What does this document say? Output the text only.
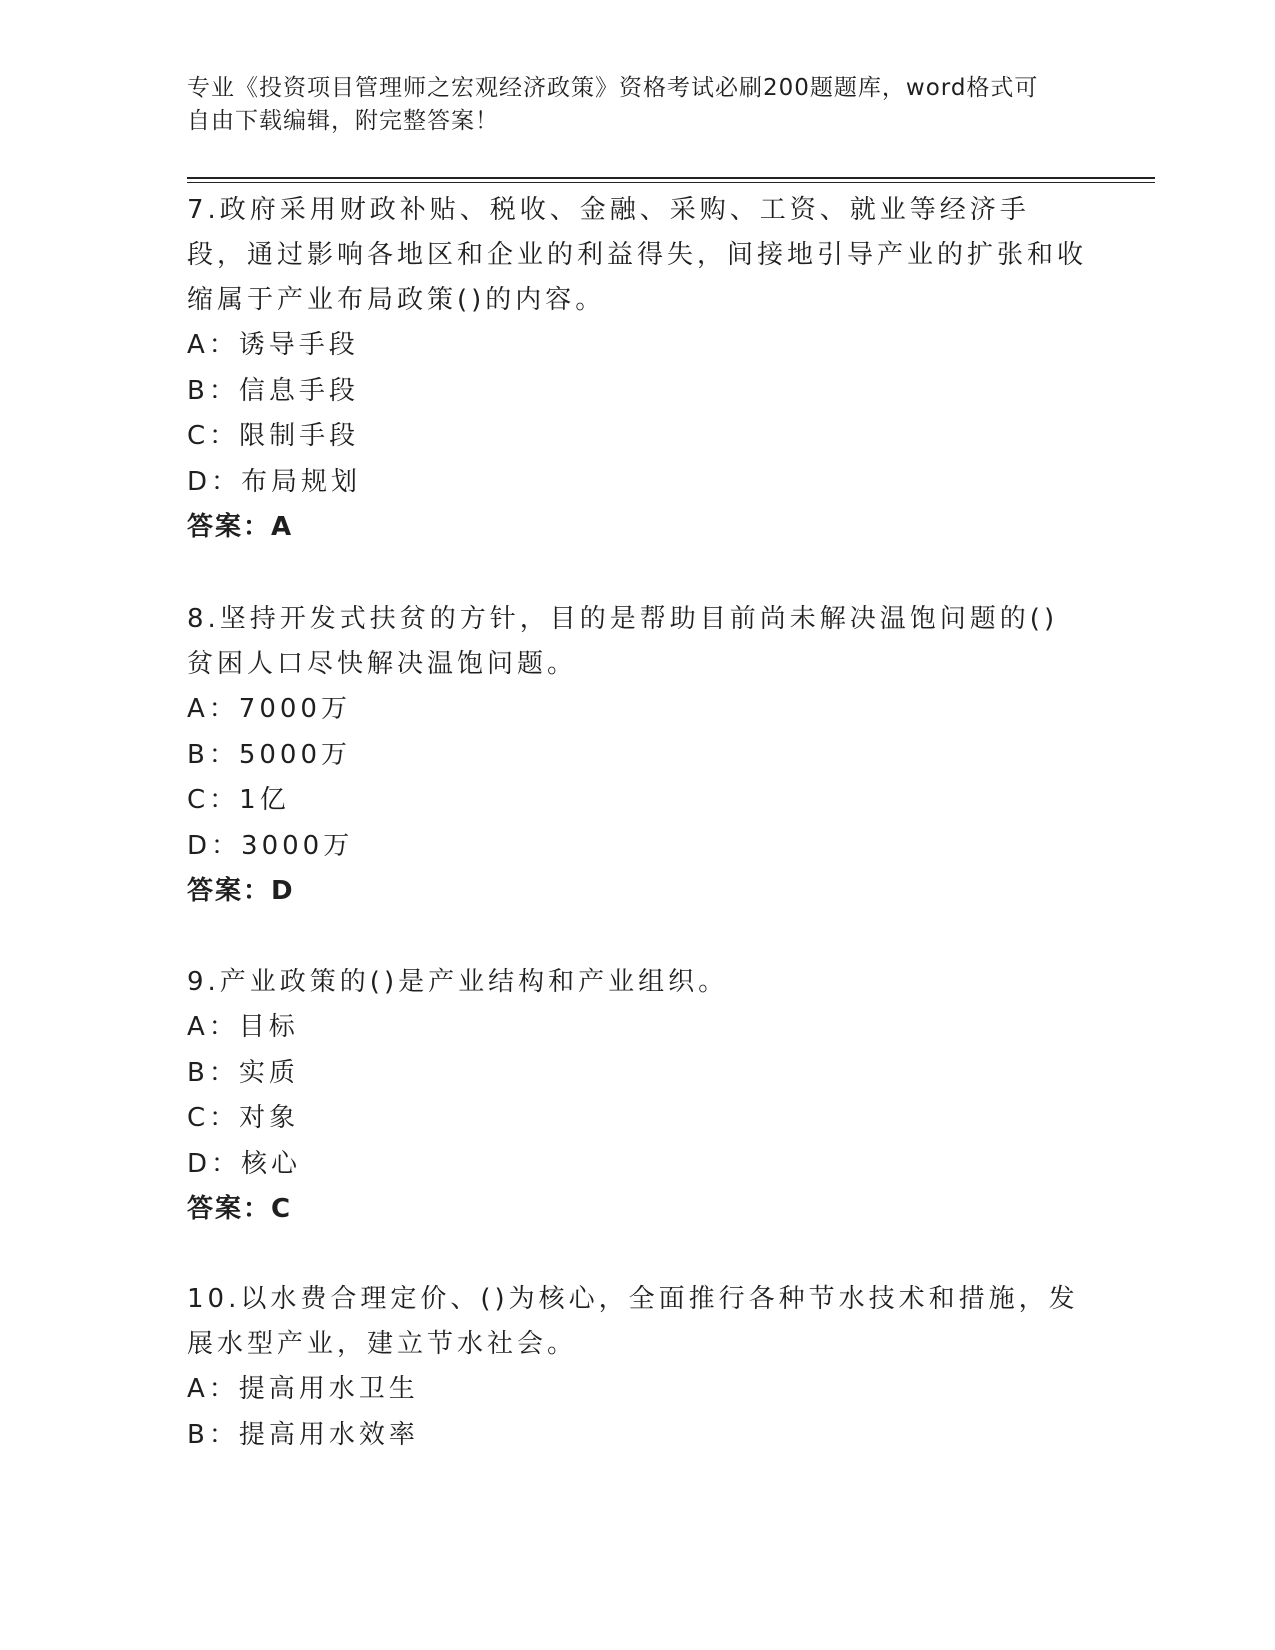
专业《投资项目管理师之宏观经济政策》资格考试必刷200题题库，word格式可
自由下载编辑，附完整答案！
7.政府采用财政补贴、税收、金融、采购、工资、就业等经济手段，通过影响各地区和企业的利益得失，间接地引导产业的扩张和收缩属于产业布局政策()的内容。
A：诱导手段
B：信息手段
C：限制手段
D：布局规划
答案：A
8.坚持开发式扶贫的方针，目的是帮助目前尚未解决温饱问题的()贫困人口尽快解决温饱问题。
A：7000万
B：5000万
C：1亿
D：3000万
答案：D
9.产业政策的()是产业结构和产业组织。
A：目标
B：实质
C：对象
D：核心
答案：C
10.以水费合理定价、()为核心，全面推行各种节水技术和措施，发展水型产业，建立节水社会。
A：提高用水卫生
B：提高用水效率
